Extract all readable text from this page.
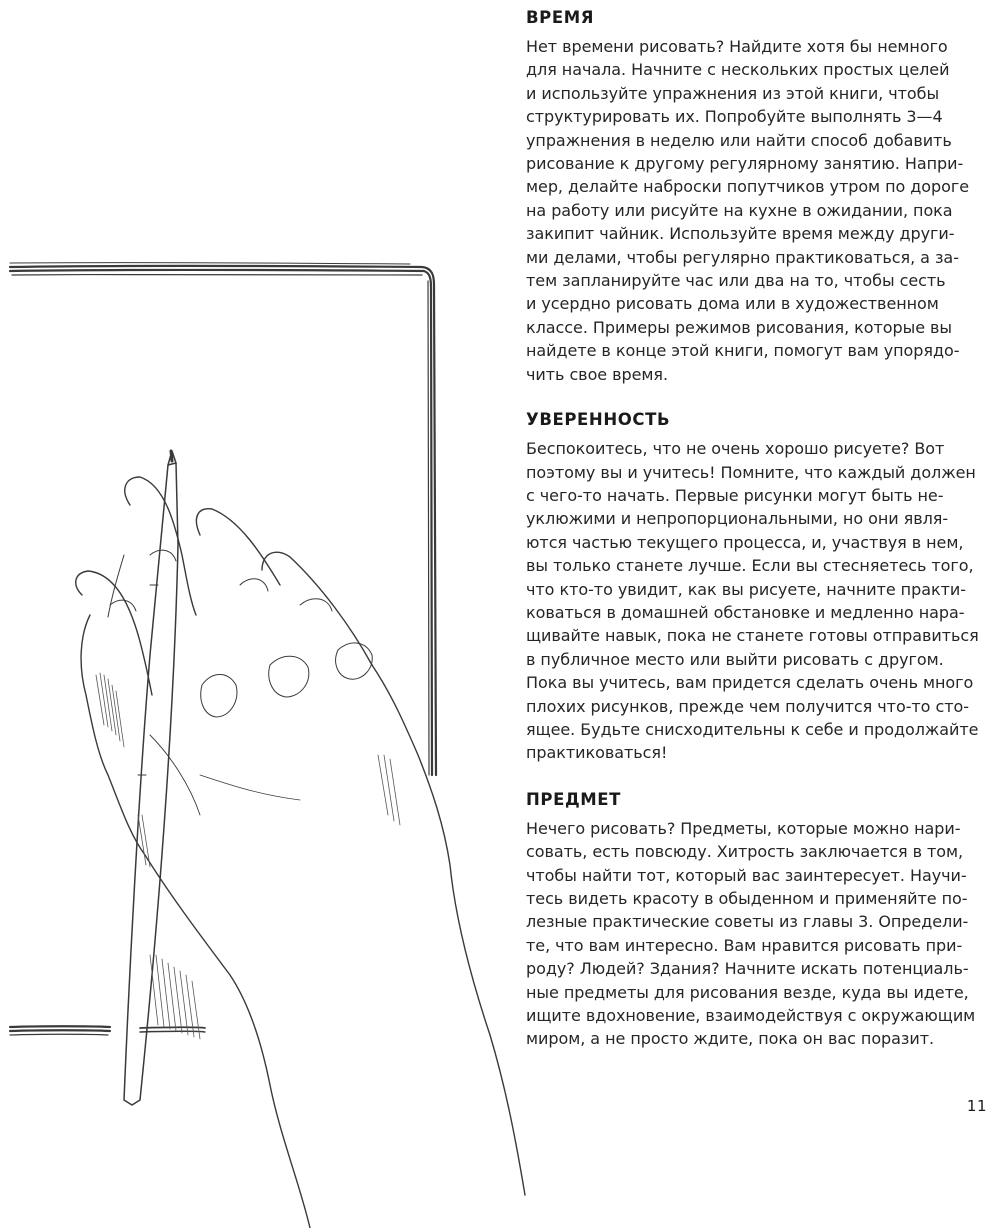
ВРЕМЯ

Нет времени рисовать? Найдите хотя бы немного
для начала. Начните с нескольких простых целей
и используйте упражнения из этой книги, чтобы
структурировать их. Попробуйте выполнять 3—4
упражнения в неделю или найти способ добавить
рисование к другому регулярному занятию. Напри-
мер, делайте наброски попутчиков утром по дороге
на работу или рисуйте на кухне в ожидании, пока
закипит чайник. Используйте время между други-
ми делами, чтобы регулярно практиковаться, а за-
тем запланируйте час или два на то, чтобы сесть
и усердно рисовать дома или в художественном
классе. Примеры режимов рисования, которые вы
найдете в конце этой книги, помогут вам упорядо-
чить свое время.

УВЕРЕННОСТЬ

Беспокоитесь, что не очень хорошо рисуете? Вот
поэтому вы и учитесь! Помните, что каждый должен
с чего-то начать. Первые рисунки могут быть не-
уклюжими и непропорциональными, но они явля-
ются частью текущего процесса, и, участвуя в нем,
вы только станете лучше. Если вы стесняетесь того,
что кто-то увидит, как вы рисуете, начните практи-
коваться в домашней обстановке и медленно нара-
щивайте навык, пока не станете готовы отправиться
в публичное место или выйти рисовать с другом.
Пока вы учитесь, вам придется сделать очень много
плохих рисунков, прежде чем получится что-то сто-
ящее. Будьте снисходительны к себе и продолжайте
практиковаться!

ПРЕДМЕТ

Нечего рисовать? Предметы, которые можно нари-
совать, есть повсюду. Хитрость заключается в том,
чтобы найти тот, который вас заинтересует. Научи-
тесь видеть красоту в обыденном и применяйте по-
лезные практические советы из главы 3. Определи-
те, что вам интересно. Вам нравится рисовать при-
роду? Людей? Здания? Начните искать потенциаль-
ные предметы для рисования везде, куда вы идете,
ищите вдохновение, взаимодействуя с окружающим
миром, а не просто ждите, пока он вас поразит.

11
